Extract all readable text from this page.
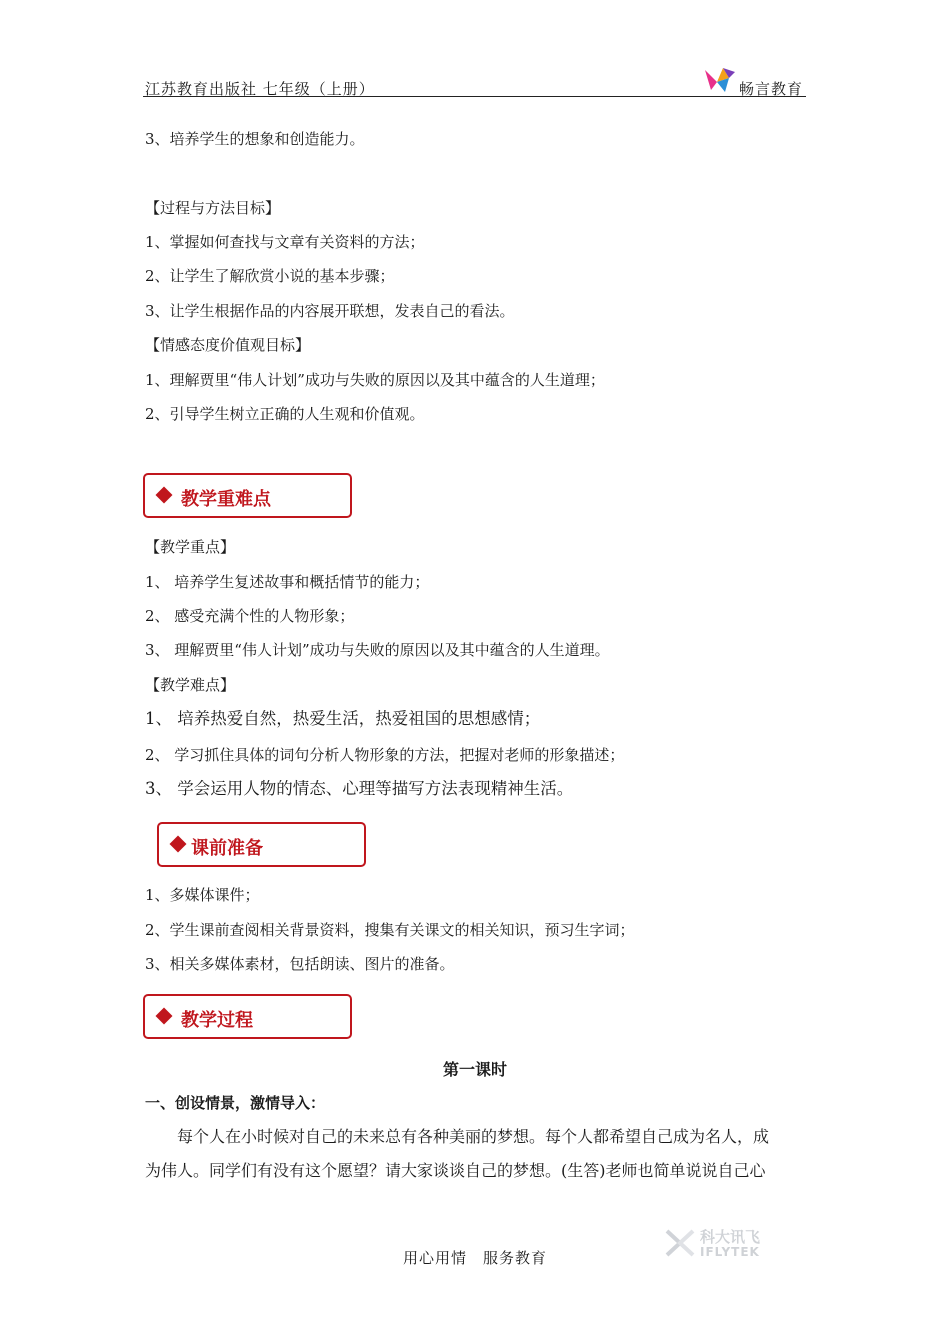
江苏教育出版社 七年级（上册）	畅言教育
3、培养学生的想象和创造能力。
【过程与方法目标】
1、掌握如何查找与文章有关资料的方法；
2、让学生了解欣赏小说的基本步骤；
3、让学生根据作品的内容展开联想，发表自己的看法。
【情感态度价值观目标】
1、理解贾里“伟人计划”成功与失败的原因以及其中蕴含的人生道理；
2、引导学生树立正确的人生观和价值观。
教学重难点
【教学重点】
1、 培养学生复述故事和概括情节的能力；
2、 感受充满个性的人物形象；
3、 理解贾里“伟人计划”成功与失败的原因以及其中蕴含的人生道理。
【教学难点】
1、 培养热爱自然，热爱生活，热爱祖国的思想感情；
2、 学习抓住具体的词句分析人物形象的方法，把握对老师的形象描述；
3、 学会运用人物的情态、心理等描写方法表现精神生活。
课前准备
1、多媒体课件；
2、学生课前查阅相关背景资料，搜集有关课文的相关知识，预习生字词；
3、相关多媒体素材，包括朗读、图片的准备。
教学过程
第一课时
一、创设情景，激情导入：
每个人在小时候对自己的未来总有各种美丽的梦想。每个人都希望自己成为名人，成
为伟人。同学们有没有这个愿望？请大家谈谈自己的梦想。(生答)老师也简单说说自己心
用心用情　服务教育
科大讯飞
IFLYTEK
